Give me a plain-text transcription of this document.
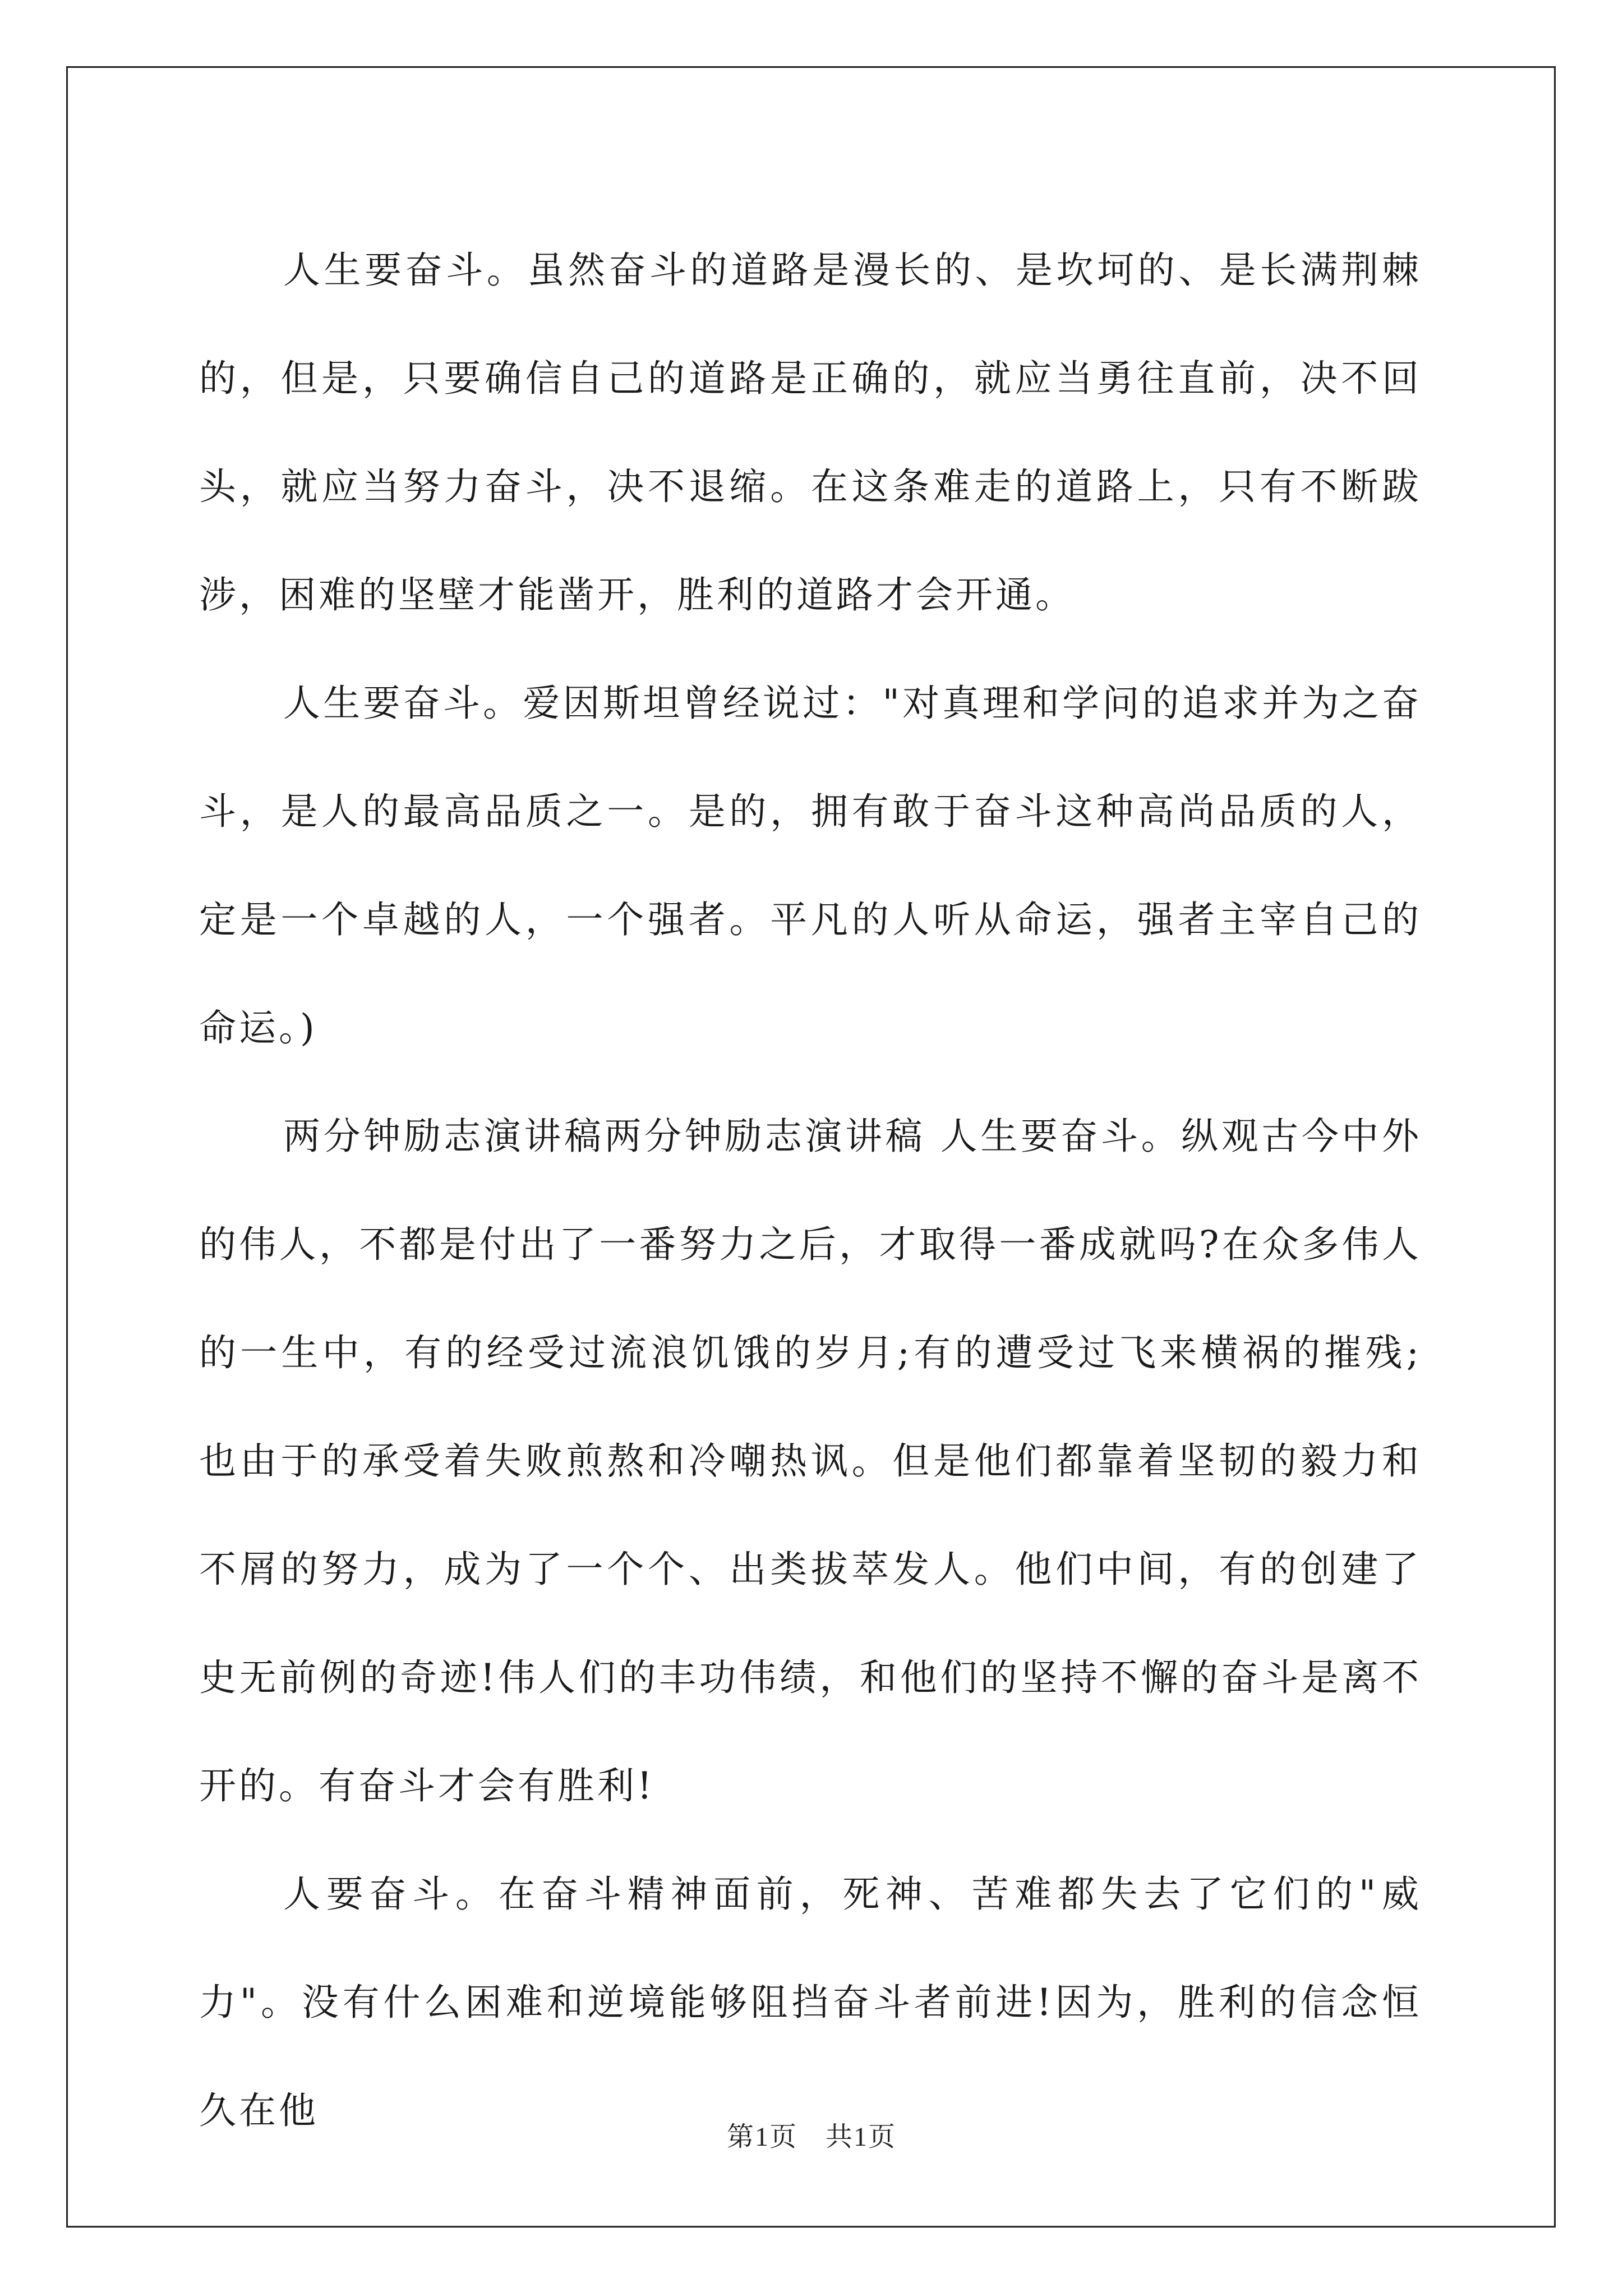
人生要奋斗。虽然奋斗的道路是漫长的、是坎坷的、是长满荆棘的，但是，只要确信自己的道路是正确的，就应当勇往直前，决不回头，就应当努力奋斗，决不退缩。在这条难走的道路上，只有不断跋涉，困难的坚壁才能凿开，胜利的道路才会开通。

人生要奋斗。爱因斯坦曾经说过："对真理和学问的追求并为之奋斗，是人的最高品质之一。是的，拥有敢于奋斗这种高尚品质的人，定是一个卓越的人，一个强者。平凡的人听从命运，强者主宰自己的命运。)

两分钟励志演讲稿两分钟励志演讲稿 人生要奋斗。纵观古今中外的伟人，不都是付出了一番努力之后，才取得一番成就吗?在众多伟人的一生中，有的经受过流浪饥饿的岁月;有的遭受过飞来横祸的摧残;也由于的承受着失败煎熬和冷嘲热讽。但是他们都靠着坚韧的毅力和不屑的努力，成为了一个个、出类拔萃发人。他们中间，有的创建了史无前例的奇迹!伟人们的丰功伟绩，和他们的坚持不懈的奋斗是离不开的。有奋斗才会有胜利!

人要奋斗。在奋斗精神面前，死神、苦难都失去了它们的"威力"。没有什么困难和逆境能够阻挡奋斗者前进!因为，胜利的信念恒久在他

第1页　共1页
